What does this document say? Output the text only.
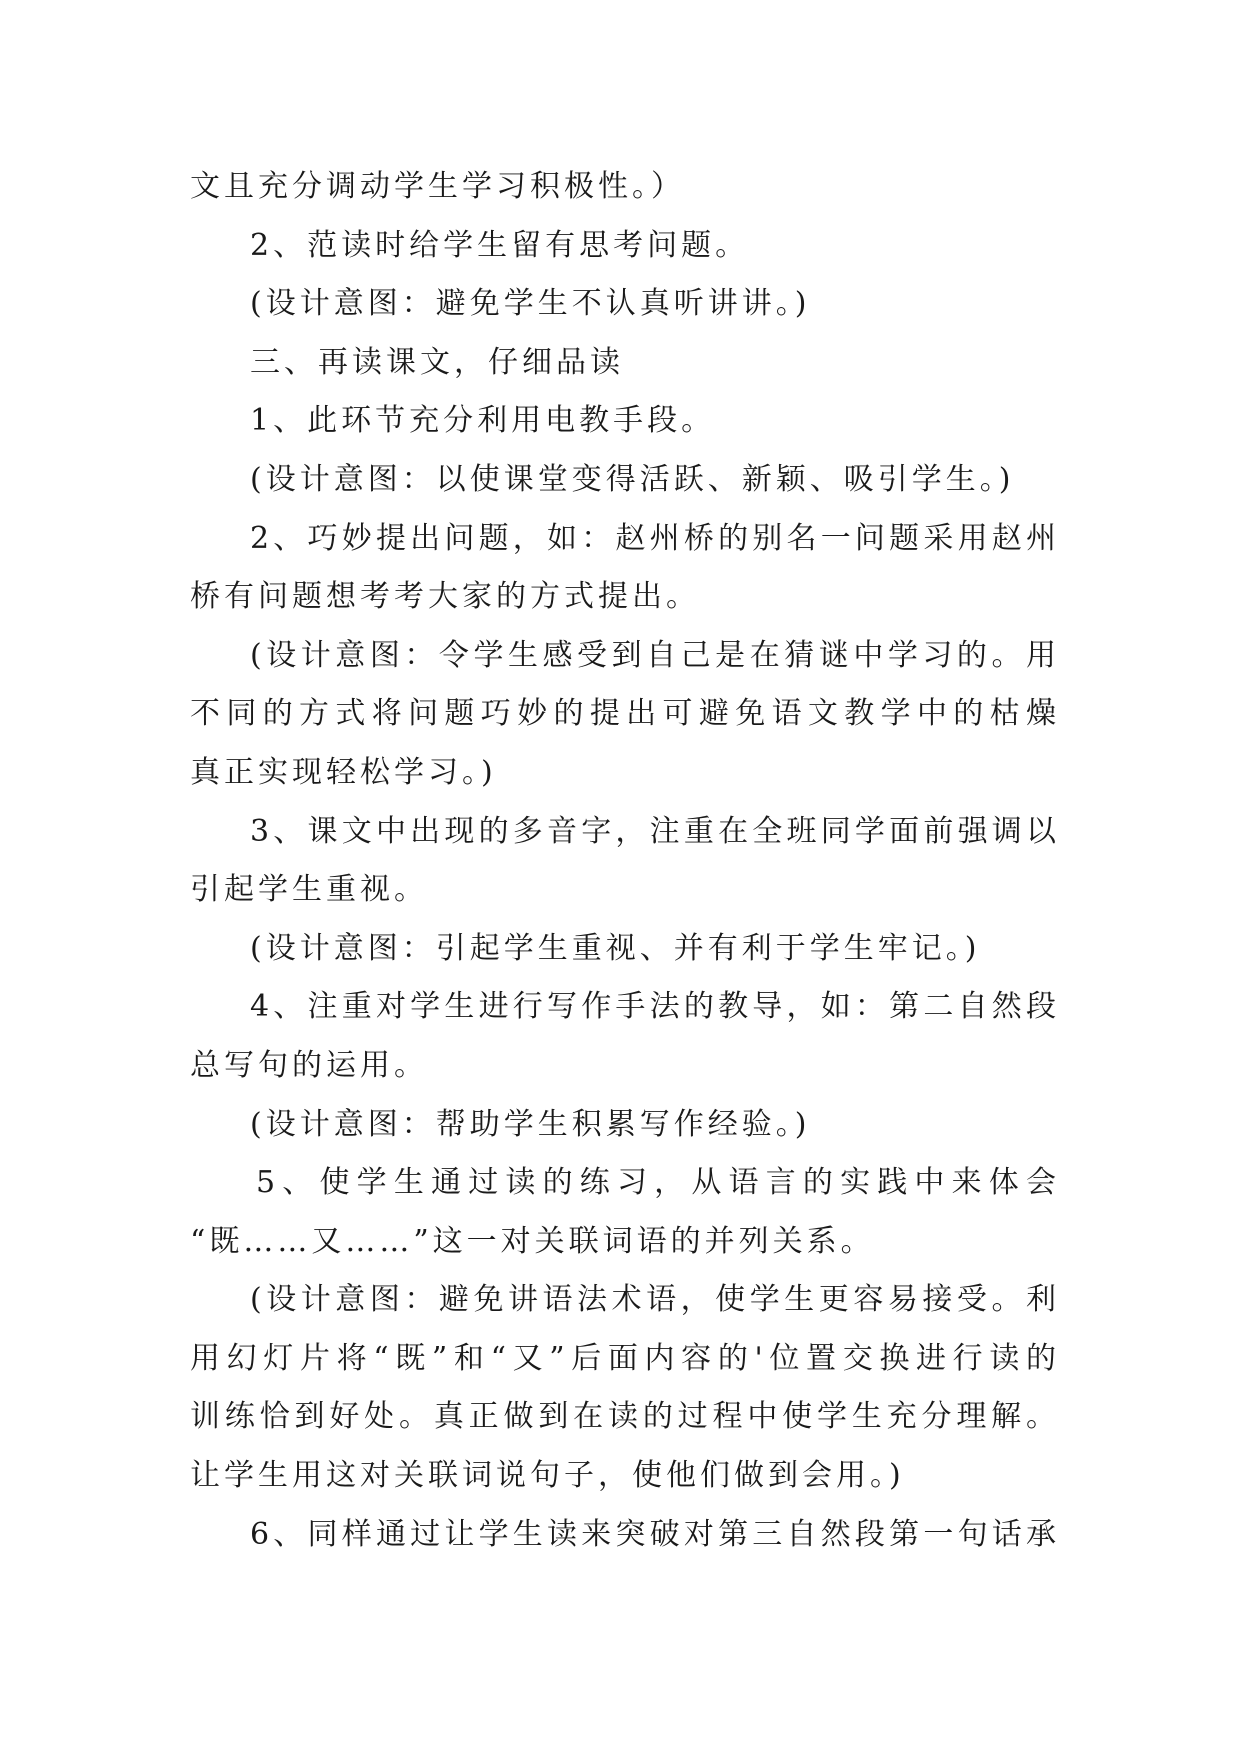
文且充分调动学生学习积极性。）
2、范读时给学生留有思考问题。
(设计意图：避免学生不认真听讲讲。)
三、再读课文，仔细品读
1、此环节充分利用电教手段。
(设计意图：以使课堂变得活跃、新颖、吸引学生。)
2、巧妙提出问题，如：赵州桥的别名一问题采用赵州
桥有问题想考考大家的方式提出。
(设计意图：令学生感受到自己是在猜谜中学习的。用
不同的方式将问题巧妙的提出可避免语文教学中的枯燥
真正实现轻松学习。)
3、课文中出现的多音字，注重在全班同学面前强调以
引起学生重视。
(设计意图：引起学生重视、并有利于学生牢记。)
4、注重对学生进行写作手法的教导，如：第二自然段
总写句的运用。
(设计意图：帮助学生积累写作经验。)
5、使学生通过读的练习，从语言的实践中来体会
“既……又……”这一对关联词语的并列关系。
(设计意图：避免讲语法术语，使学生更容易接受。利
用幻灯片将“既”和“又”后面内容的'位置交换进行读的
训练恰到好处。真正做到在读的过程中使学生充分理解。
让学生用这对关联词说句子，使他们做到会用。)
6、同样通过让学生读来突破对第三自然段第一句话承
